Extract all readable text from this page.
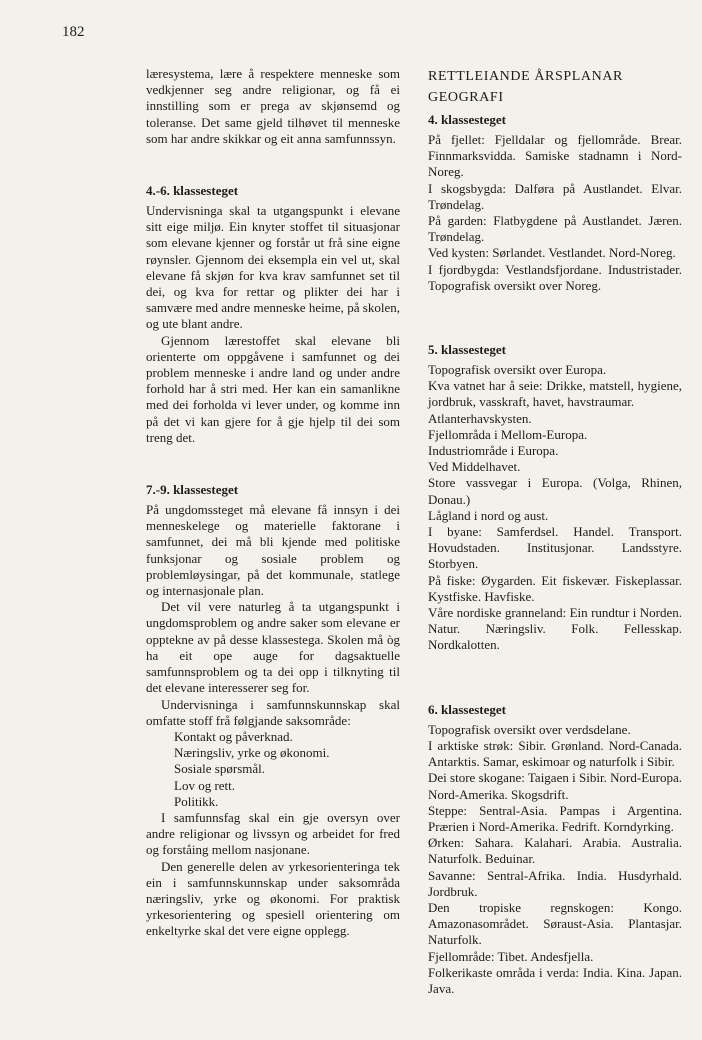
182

læresystema, lære å respektere menneske som vedkjenner seg andre religionar, og få ei innstilling som er prega av skjønsemd og toleranse. Det same gjeld tilhøvet til menneske som har andre skikkar og eit anna samfunnssyn.

4.-6. klassesteget

Undervisninga skal ta utgangspunkt i elevane sitt eige miljø. Ein knyter stoffet til situasjonar som elevane kjenner og forstår ut frå sine eigne røynsler. Gjennom dei eksempla ein vel ut, skal elevane få skjøn for kva krav samfunnet set til dei, og kva for rettar og plikter dei har i samvære med andre menneske heime, på skolen, og ute blant andre.

Gjennom lærestoffet skal elevane bli orienterte om oppgåvene i samfunnet og dei problem menneske i andre land og under andre forhold har å stri med. Her kan ein samanlikne med dei forholda vi lever under, og komme inn på det vi kan gjere for å gje hjelp til dei som treng det.

7.-9. klassesteget

På ungdomssteget må elevane få innsyn i dei menneskelege og materielle faktorane i samfunnet, dei må bli kjende med politiske funksjonar og sosiale problem og problemløysingar, på det kommunale, statlege og internasjonale plan.

Det vil vere naturleg å ta utgangspunkt i ungdomsproblem og andre saker som elevane er opptekne av på desse klassestega. Skolen må òg ha eit ope auge for dagsaktuelle samfunnsproblem og ta dei opp i tilknyting til det elevane interesserer seg for.

Undervisninga i samfunnskunnskap skal omfatte stoff frå følgjande saksområde:

Kontakt og påverknad.

Næringsliv, yrke og økonomi.

Sosiale spørsmål.

Lov og rett.

Politikk.

I samfunnsfag skal ein gje oversyn over andre religionar og livssyn og arbeidet for fred og forståing mellom nasjonane.

Den generelle delen av yrkesorienteringa tek ein i samfunnskunnskap under saksområda næringsliv, yrke og økonomi. For praktisk yrkesorientering og spesiell orientering om enkeltyrke skal det vere eigne opplegg.

RETTLEIANDE ÅRSPLANAR
GEOGRAFI
4. klassesteget

På fjellet: Fjelldalar og fjellområde. Brear. Finnmarksvidda. Samiske stadnamn i Nord-Noreg.

I skogsbygda: Dalføra på Austlandet. Elvar. Trøndelag.

På garden: Flatbygdene på Austlandet. Jæren. Trøndelag.

Ved kysten: Sørlandet. Vestlandet. Nord-Noreg.

I fjordbygda: Vestlandsfjordane. Industristader. Topografisk oversikt over Noreg.

5. klassesteget

Topografisk oversikt over Europa.

Kva vatnet har å seie: Drikke, matstell, hygiene, jordbruk, vasskraft, havet, havstraumar.

Atlanterhavskysten.

Fjellområda i Mellom-Europa.

Industriområde i Europa.

Ved Middelhavet.

Store vassvegar i Europa. (Volga, Rhinen, Donau.)

Lågland i nord og aust.

I byane: Samferdsel. Handel. Transport. Hovudstaden. Institusjonar. Landsstyre. Storbyen.

På fiske: Øygarden. Eit fiskevær. Fiskeplassar. Kystfiske. Havfiske.

Våre nordiske granneland: Ein rundtur i Norden. Natur. Næringsliv. Folk. Fellesskap. Nordkalotten.

6. klassesteget

Topografisk oversikt over verdsdelane.

I arktiske strøk: Sibir. Grønland. Nord-Canada. Antarktis. Samar, eskimoar og naturfolk i Sibir.

Dei store skogane: Taigaen i Sibir. Nord-Europa. Nord-Amerika. Skogsdrift.

Steppe: Sentral-Asia. Pampas i Argentina. Prærien i Nord-Amerika. Fedrift. Korndyrking.

Ørken: Sahara. Kalahari. Arabia. Australia. Naturfolk. Beduinar.

Savanne: Sentral-Afrika. India. Husdyrhald. Jordbruk.

Den tropiske regnskogen: Kongo. Amazonasområdet. Søraust-Asia. Plantasjar. Naturfolk.

Fjellområde: Tibet. Andesfjella.

Folkerikaste områda i verda: India. Kina. Japan. Java.
